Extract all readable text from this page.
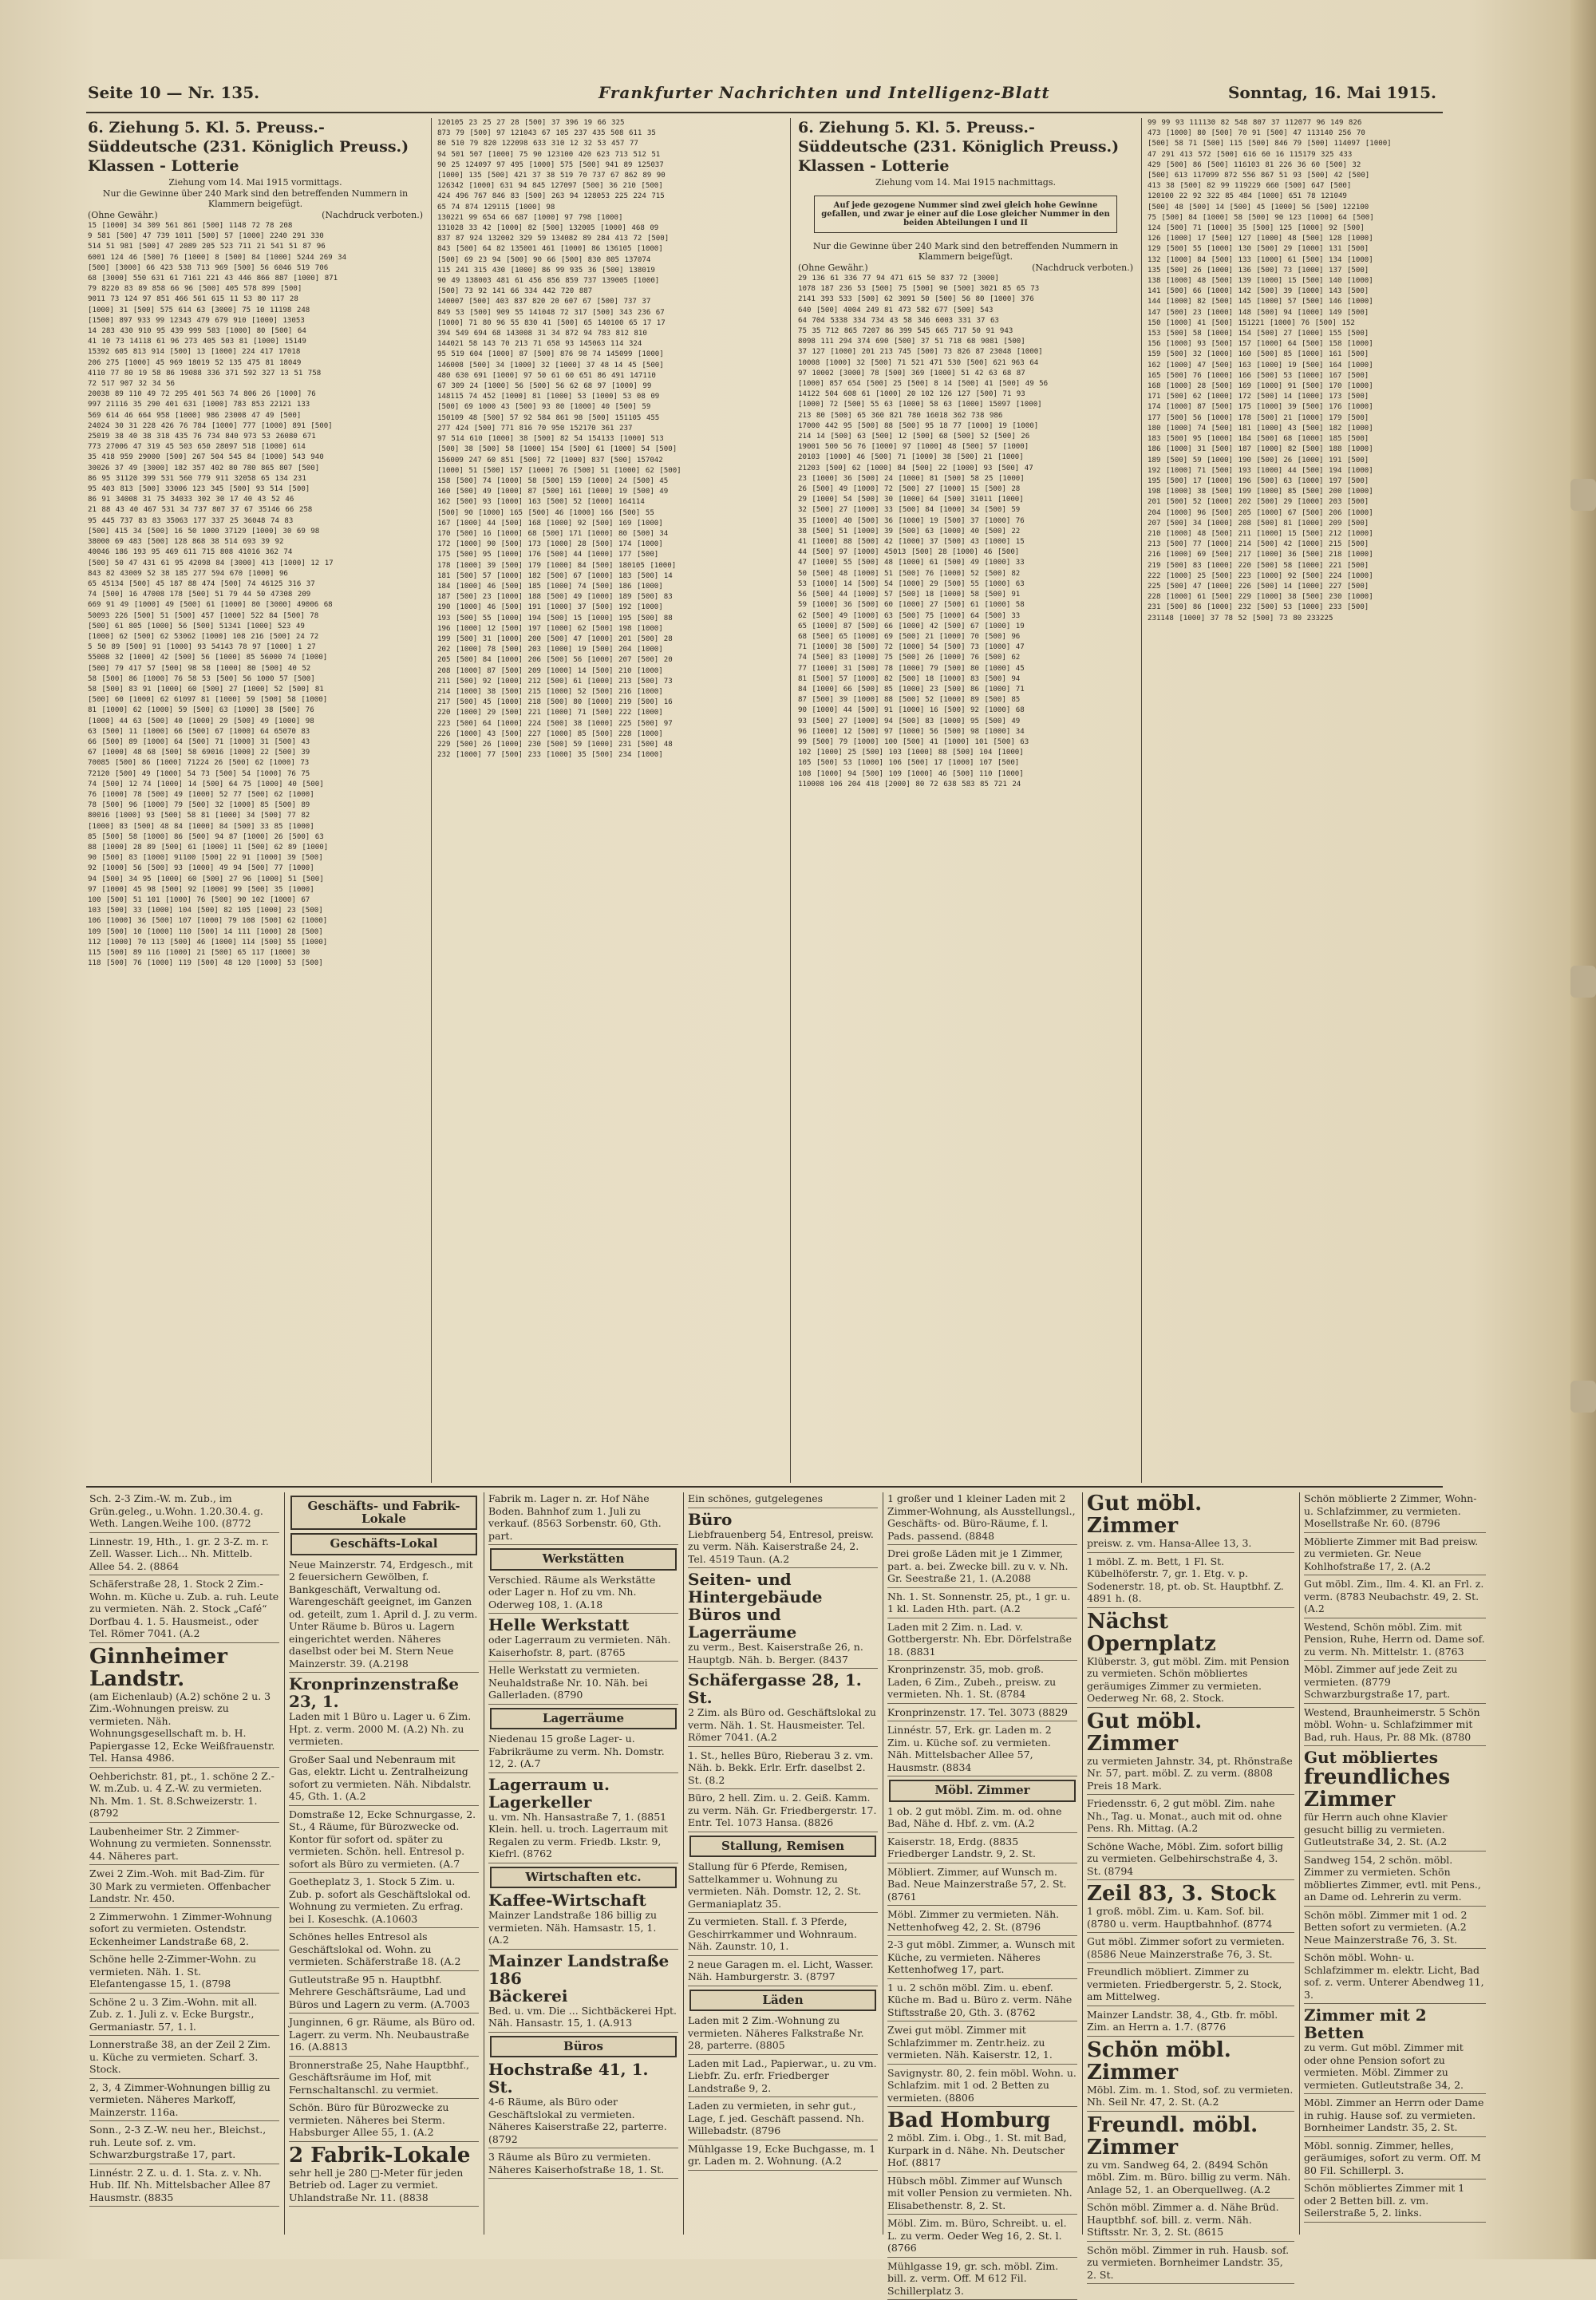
Seite 10 — Nr. 135.	Frankfurter Nachrichten und Intelligenz-Blatt	Sonntag, 16. Mai 1915.
6. Ziehung 5. Kl. 5. Preuss.-Süddeutsche (231. Königlich Preuss.) Klassen - Lotterie
Ziehung vom 14. Mai 1915 vormittags.
Nur die Gewinne über 240 Mark sind den betreffenden Nummern in Klammern beigefügt.
(Ohne Gewähr.)	(Nachdruck verboten.)

15 [1000] 34 309 561 861 [500] 1148 72 78 208

9 581 [500] 47 739 1011 [500] 57 [1000] 2240 291 330

514 51 981 [500] 47 2089 205 523 711 21 541 51 87 96

6001 124 46 [500] 76 [1000] 8 [500] 84 [1000] 5244 269 34

[500] [3000] 66 423 538 713 969 [500] 56 6046 519 706

68 [3000] 550 631 61 7161 221 43 446 866 887 [1000] 871

79 8220 83 89 858 66 96 [500] 405 578 899 [500]

9011 73 124 97 851 466 561 615 11 53 80 117 28

[1000] 31 [500] 575 614 63 [3000] 75 10 11198 248

[1500] 897 933 99 12343 479 679 910 [1000] 13053

14 283 430 910 95 439 999 583 [1000] 80 [500] 64

41 10 73 14118 61 96 273 405 503 81 [1000] 15149

15392 605 813 914 [500] 13 [1000] 224 417 17018

206 275 [1000] 45 969 18019 52 135 475 81 18049

4110 77 80 19 58 86 19088 336 371 592 327 13 51 758

72 517 907 32 34 56

20038 89 110 49 72 295 401 563 74 806 26 [1000] 76

997 21116 35 290 401 631 [1000] 783 853 22121 133

569 614 46 664 958 [1000] 986 23008 47 49 [500]

24024 30 31 228 426 76 784 [1000] 777 [1000] 891 [500]

25019 38 40 38 318 435 76 734 840 973 53 26080 671

773 27006 47 319 45 503 650 28097 518 [1000] 614

35 418 959 29000 [500] 267 504 545 84 [1000] 543 940

30026 37 49 [3000] 182 357 402 80 780 865 807 [500]

86 95 31120 399 531 560 779 911 32058 65 134 231

95 403 813 [500] 33006 123 345 [500] 93 514 [500]

86 91 34008 31 75 34033 302 30 17 40 43 52 46

21 88 43 40 467 531 34 737 807 37 67 35146 66 258

95 445 737 83 83 35063 177 337 25 36048 74 83

[500] 415 34 [500] 16 50 1000 37129 [1000] 30 69 98

38000 69 483 [500] 128 868 38 514 693 39 92

40046 186 193 95 469 611 715 808 41016 362 74

[500] 50 47 431 61 95 42098 84 [3000] 413 [1000] 12 17

843 82 43009 52 38 185 277 594 670 [1000] 96

65 45134 [500] 45 187 88 474 [500] 74 46125 316 37

74 [500] 16 47008 178 [500] 51 79 44 50 47308 209

669 91 49 [1000] 49 [500] 61 [1000] 80 [3000] 49006 68

50093 226 [500] 51 [500] 457 [1000] 522 84 [500] 78

[500] 61 805 [1000] 56 [500] 51341 [1000] 523 49

[1000] 62 [500] 62 53062 [1000] 108 216 [500] 24 72

5 50 89 [500] 91 [1000] 93 54143 78 97 [1000] 1 27

55008 32 [1000] 42 [500] 56 [1000] 85 56000 74 [1000]

[500] 79 417 57 [500] 98 58 [1000] 80 [500] 40 52

58 [500] 86 [1000] 76 58 53 [500] 56 1000 57 [500]

58 [500] 83 91 [1000] 60 [500] 27 [1000] 52 [500] 81

[500] 60 [1000] 62 61097 81 [1000] 59 [500] 58 [1000]

81 [1000] 62 [1000] 59 [500] 63 [1000] 38 [500] 76

[1000] 44 63 [500] 40 [1000] 29 [500] 49 [1000] 98

63 [500] 11 [1000] 66 [500] 67 [1000] 64 65070 83

66 [500] 89 [1000] 64 [500] 71 [1000] 31 [500] 43

67 [1000] 48 68 [500] 58 69016 [1000] 22 [500] 39

70085 [500] 86 [1000] 71224 26 [500] 62 [1000] 73

72120 [500] 49 [1000] 54 73 [500] 54 [1000] 76 75

74 [500] 12 74 [1000] 14 [500] 64 75 [1000] 40 [500]

76 [1000] 78 [500] 49 [1000] 52 77 [500] 62 [1000]

78 [500] 96 [1000] 79 [500] 32 [1000] 85 [500] 89

80016 [1000] 93 [500] 58 81 [1000] 34 [500] 77 82

[1000] 83 [500] 48 84 [1000] 84 [500] 33 85 [1000]

85 [500] 58 [1000] 86 [500] 94 87 [1000] 26 [500] 63

88 [1000] 28 89 [500] 61 [1000] 11 [500] 62 89 [1000]

90 [500] 83 [1000] 91100 [500] 22 91 [1000] 39 [500]

92 [1000] 56 [500] 93 [1000] 49 94 [500] 77 [1000]

94 [500] 34 95 [1000] 60 [500] 27 96 [1000] 51 [500]

97 [1000] 45 98 [500] 92 [1000] 99 [500] 35 [1000]

100 [500] 51 101 [1000] 76 [500] 90 102 [1000] 67

103 [500] 33 [1000] 104 [500] 82 105 [1000] 23 [500]

106 [1000] 36 [500] 107 [1000] 79 108 [500] 62 [1000]

109 [500] 10 [1000] 110 [500] 14 111 [1000] 28 [500]

112 [1000] 70 113 [500] 46 [1000] 114 [500] 55 [1000]

115 [500] 89 116 [1000] 21 [500] 65 117 [1000] 30

118 [500] 76 [1000] 119 [500] 48 120 [1000] 53 [500]

120105 23 25 27 28 [500] 37 396 19 66 325

873 79 [500] 97 121043 67 105 237 435 508 611 35

80 510 79 820 122098 633 310 12 32 53 457 77

94 501 507 [1000] 75 90 123100 420 623 713 512 51

90 25 124097 97 495 [1000] 575 [500] 941 89 125037

[1000] 135 [500] 421 37 38 519 70 737 67 862 89 90

126342 [1000] 631 94 845 127097 [500] 36 210 [500]

424 496 767 846 83 [500] 263 94 128053 225 224 715

65 74 874 129115 [1000] 98

130221 99 654 66 687 [1000] 97 798 [1000]

131028 33 42 [1000] 82 [500] 132005 [1000] 468 09

837 87 924 132002 329 59 134082 89 284 413 72 [500]

843 [500] 64 82 135001 461 [1000] 86 136105 [1000]

[500] 69 23 94 [500] 90 66 [500] 830 805 137074

115 241 315 430 [1000] 86 99 935 36 [500] 138019

90 49 138003 481 61 456 856 859 737 139005 [1000]

[500] 73 92 141 66 334 442 720 887

140007 [500] 403 837 820 20 607 67 [500] 737 37

849 53 [500] 909 55 141048 72 317 [500] 343 236 67

[1000] 71 80 96 55 830 41 [500] 65 140100 65 17 17

394 549 694 68 143008 31 34 872 94 783 812 810

144021 58 143 70 213 71 658 93 145063 114 324

95 519 604 [1000] 87 [500] 876 98 74 145099 [1000]

146008 [500] 34 [1000] 32 [1000] 37 48 14 45 [500]

480 630 691 [1000] 97 50 61 60 651 86 491 147110

67 309 24 [1000] 56 [500] 56 62 68 97 [1000] 99

148115 74 452 [1000] 81 [1000] 53 [1000] 53 08 09

[500] 69 1000 43 [500] 93 80 [1000] 40 [500] 59

150109 48 [500] 57 92 584 861 98 [500] 151105 455

277 424 [500] 771 816 70 950 152170 361 237

97 514 610 [1000] 38 [500] 82 54 154133 [1000] 513

[500] 38 [500] 58 [1000] 154 [500] 61 [1000] 54 [500]

156009 247 60 851 [500] 72 [1000] 837 [500] 157042

[1000] 51 [500] 157 [1000] 76 [500] 51 [1000] 62 [500]

158 [500] 74 [1000] 58 [500] 159 [1000] 24 [500] 45

160 [500] 49 [1000] 87 [500] 161 [1000] 19 [500] 49

162 [500] 93 [1000] 163 [500] 52 [1000] 164114

[500] 90 [1000] 165 [500] 46 [1000] 166 [500] 55

167 [1000] 44 [500] 168 [1000] 92 [500] 169 [1000]

170 [500] 16 [1000] 68 [500] 171 [1000] 80 [500] 34

172 [1000] 90 [500] 173 [1000] 28 [500] 174 [1000]

175 [500] 95 [1000] 176 [500] 44 [1000] 177 [500]

178 [1000] 39 [500] 179 [1000] 84 [500] 180105 [1000]

181 [500] 57 [1000] 182 [500] 67 [1000] 183 [500] 14

184 [1000] 46 [500] 185 [1000] 74 [500] 186 [1000]

187 [500] 23 [1000] 188 [500] 49 [1000] 189 [500] 83

190 [1000] 46 [500] 191 [1000] 37 [500] 192 [1000]

193 [500] 55 [1000] 194 [500] 15 [1000] 195 [500] 88

196 [1000] 12 [500] 197 [1000] 62 [500] 198 [1000]

199 [500] 31 [1000] 200 [500] 47 [1000] 201 [500] 28

202 [1000] 78 [500] 203 [1000] 19 [500] 204 [1000]

205 [500] 84 [1000] 206 [500] 56 [1000] 207 [500] 20

208 [1000] 87 [500] 209 [1000] 14 [500] 210 [1000]

211 [500] 92 [1000] 212 [500] 61 [1000] 213 [500] 73

214 [1000] 38 [500] 215 [1000] 52 [500] 216 [1000]

217 [500] 45 [1000] 218 [500] 80 [1000] 219 [500] 16

220 [1000] 29 [500] 221 [1000] 71 [500] 222 [1000]

223 [500] 64 [1000] 224 [500] 38 [1000] 225 [500] 97

226 [1000] 43 [500] 227 [1000] 85 [500] 228 [1000]

229 [500] 26 [1000] 230 [500] 59 [1000] 231 [500] 48

232 [1000] 77 [500] 233 [1000] 35 [500] 234 [1000]

6. Ziehung 5. Kl. 5. Preuss.-Süddeutsche (231. Königlich Preuss.) Klassen - Lotterie
Ziehung vom 14. Mai 1915 nachmittags.
Auf jede gezogene Nummer sind zwei gleich hohe Gewinne gefallen, und zwar je einer auf die Lose gleicher Nummer in den beiden Abteilungen I und II
Nur die Gewinne über 240 Mark sind den betreffenden Nummern in Klammern beigefügt.
(Ohne Gewähr.)	(Nachdruck verboten.)

29 136 61 336 77 94 471 615 50 837 72 [3000]

1078 187 236 53 [500] 75 [500] 90 [500] 3021 85 65 73

2141 393 533 [500] 62 3091 50 [500] 56 80 [1000] 376

640 [500] 4004 249 81 473 582 677 [500] 543

64 704 5338 334 734 43 58 346 6003 331 37 63

75 35 712 865 7207 86 399 545 665 717 50 91 943

8098 111 294 374 690 [500] 37 51 718 68 9081 [500]

37 127 [1000] 201 213 745 [500] 73 826 87 23048 [1000]

10008 [1000] 32 [500] 71 521 471 530 [500] 621 963 64

97 10002 [3000] 78 [500] 369 [1000] 51 42 63 68 87

[1000] 857 654 [500] 25 [500] 8 14 [500] 41 [500] 49 56

14122 504 608 61 [1000] 20 102 126 127 [500] 71 93

[1000] 72 [500] 55 63 [1000] 58 63 [1000] 15097 [1000]

213 80 [500] 65 360 821 780 16018 362 738 986

17000 442 95 [500] 88 [500] 95 18 77 [1000] 19 [1000]

214 14 [500] 63 [500] 12 [500] 68 [500] 52 [500] 26

19001 500 56 76 [1000] 97 [1000] 48 [500] 57 [1000]

20103 [1000] 46 [500] 71 [1000] 38 [500] 21 [1000]

21203 [500] 62 [1000] 84 [500] 22 [1000] 93 [500] 47

23 [1000] 36 [500] 24 [1000] 81 [500] 58 25 [1000]

26 [500] 49 [1000] 72 [500] 27 [1000] 15 [500] 28

29 [1000] 54 [500] 30 [1000] 64 [500] 31011 [1000]

32 [500] 27 [1000] 33 [500] 84 [1000] 34 [500] 59

35 [1000] 40 [500] 36 [1000] 19 [500] 37 [1000] 76

38 [500] 51 [1000] 39 [500] 63 [1000] 40 [500] 22

41 [1000] 88 [500] 42 [1000] 37 [500] 43 [1000] 15

44 [500] 97 [1000] 45013 [500] 28 [1000] 46 [500]

47 [1000] 55 [500] 48 [1000] 61 [500] 49 [1000] 33

50 [500] 48 [1000] 51 [500] 76 [1000] 52 [500] 82

53 [1000] 14 [500] 54 [1000] 29 [500] 55 [1000] 63

56 [500] 44 [1000] 57 [500] 18 [1000] 58 [500] 91

59 [1000] 36 [500] 60 [1000] 27 [500] 61 [1000] 58

62 [500] 49 [1000] 63 [500] 75 [1000] 64 [500] 33

65 [1000] 87 [500] 66 [1000] 42 [500] 67 [1000] 19

68 [500] 65 [1000] 69 [500] 21 [1000] 70 [500] 96

71 [1000] 38 [500] 72 [1000] 54 [500] 73 [1000] 47

74 [500] 83 [1000] 75 [500] 26 [1000] 76 [500] 62

77 [1000] 31 [500] 78 [1000] 79 [500] 80 [1000] 45

81 [500] 57 [1000] 82 [500] 18 [1000] 83 [500] 94

84 [1000] 66 [500] 85 [1000] 23 [500] 86 [1000] 71

87 [500] 39 [1000] 88 [500] 52 [1000] 89 [500] 85

90 [1000] 44 [500] 91 [1000] 16 [500] 92 [1000] 68

93 [500] 27 [1000] 94 [500] 83 [1000] 95 [500] 49

96 [1000] 12 [500] 97 [1000] 56 [500] 98 [1000] 34

99 [500] 79 [1000] 100 [500] 41 [1000] 101 [500] 63

102 [1000] 25 [500] 103 [1000] 88 [500] 104 [1000]

105 [500] 53 [1000] 106 [500] 17 [1000] 107 [500]

108 [1000] 94 [500] 109 [1000] 46 [500] 110 [1000]

110008 106 204 418 [2000] 80 72 638 583 85 721 24

99 99 93 111130 82 548 807 37 112077 96 149 826

473 [1000] 80 [500] 70 91 [500] 47 113140 256 70

[500] 58 71 [500] 115 [500] 846 79 [500] 114097 [1000]

47 291 413 572 [500] 616 60 16 115179 325 433

429 [500] 86 [500] 116103 81 226 36 60 [500] 32

[500] 613 117099 872 556 867 51 93 [500] 42 [500]

413 38 [500] 82 99 119229 660 [500] 647 [500]

120100 22 92 322 85 484 [1000] 651 78 121049

[500] 48 [500] 14 [500] 45 [1000] 56 [500] 122100

75 [500] 84 [1000] 58 [500] 90 123 [1000] 64 [500]

124 [500] 71 [1000] 35 [500] 125 [1000] 92 [500]

126 [1000] 17 [500] 127 [1000] 48 [500] 128 [1000]

129 [500] 55 [1000] 130 [500] 29 [1000] 131 [500]

132 [1000] 84 [500] 133 [1000] 61 [500] 134 [1000]

135 [500] 26 [1000] 136 [500] 73 [1000] 137 [500]

138 [1000] 48 [500] 139 [1000] 15 [500] 140 [1000]

141 [500] 66 [1000] 142 [500] 39 [1000] 143 [500]

144 [1000] 82 [500] 145 [1000] 57 [500] 146 [1000]

147 [500] 23 [1000] 148 [500] 94 [1000] 149 [500]

150 [1000] 41 [500] 151221 [1000] 76 [500] 152

153 [500] 58 [1000] 154 [500] 27 [1000] 155 [500]

156 [1000] 93 [500] 157 [1000] 64 [500] 158 [1000]

159 [500] 32 [1000] 160 [500] 85 [1000] 161 [500]

162 [1000] 47 [500] 163 [1000] 19 [500] 164 [1000]

165 [500] 76 [1000] 166 [500] 53 [1000] 167 [500]

168 [1000] 28 [500] 169 [1000] 91 [500] 170 [1000]

171 [500] 62 [1000] 172 [500] 14 [1000] 173 [500]

174 [1000] 87 [500] 175 [1000] 39 [500] 176 [1000]

177 [500] 56 [1000] 178 [500] 21 [1000] 179 [500]

180 [1000] 74 [500] 181 [1000] 43 [500] 182 [1000]

183 [500] 95 [1000] 184 [500] 68 [1000] 185 [500]

186 [1000] 31 [500] 187 [1000] 82 [500] 188 [1000]

189 [500] 59 [1000] 190 [500] 26 [1000] 191 [500]

192 [1000] 71 [500] 193 [1000] 44 [500] 194 [1000]

195 [500] 17 [1000] 196 [500] 63 [1000] 197 [500]

198 [1000] 38 [500] 199 [1000] 85 [500] 200 [1000]

201 [500] 52 [1000] 202 [500] 29 [1000] 203 [500]

204 [1000] 96 [500] 205 [1000] 67 [500] 206 [1000]

207 [500] 34 [1000] 208 [500] 81 [1000] 209 [500]

210 [1000] 48 [500] 211 [1000] 15 [500] 212 [1000]

213 [500] 77 [1000] 214 [500] 42 [1000] 215 [500]

216 [1000] 69 [500] 217 [1000] 36 [500] 218 [1000]

219 [500] 83 [1000] 220 [500] 58 [1000] 221 [500]

222 [1000] 25 [500] 223 [1000] 92 [500] 224 [1000]

225 [500] 47 [1000] 226 [500] 14 [1000] 227 [500]

228 [1000] 61 [500] 229 [1000] 38 [500] 230 [1000]

231 [500] 86 [1000] 232 [500] 53 [1000] 233 [500]

231148 [1000] 37 78 52 [500] 73 80 233225

Sch. 2-3 Zim.-W. m. Zub., im Grün.geleg., u.Wohn. 1.20.30.4. g. Weth. Langen.Weihe 100. (8772
Linnestr. 19, Hth., 1. gr. 2 3-Z. m. r. Zell. Wasser. Lich... Nh. Mittelb. Allee 54. 2. (8864
Schäferstraße 28, 1. Stock 2 Zim.-Wohn. m. Küche u. Zub. a. ruh. Leute zu vermieten. Näh. 2. Stock „Café“ Dorfbau 4. 1. 5. Hausmeist., oder Tel. Römer 7041. (A.2
Ginnheimer Landstr.
(am Eichenlaub) (A.2) schöne 2 u. 3 Zim.-Wohnungen preisw. zu vermieten. Näh. Wohnungsgesellschaft m. b. H. Papiergasse 12, Ecke Weißfrauenstr. Tel. Hansa 4986.
Oehberichstr. 81, pt., 1. schöne 2 Z.-W. m.Zub. u. 4 Z.-W. zu vermieten. Nh. Mm. 1. St. 8.Schweizerstr. 1. (8792
Laubenheimer Str. 2 Zimmer-Wohnung zu vermieten. Sonnensstr. 44. Näheres part.
Zwei 2 Zim.-Woh. mit Bad-Zim. für 30 Mark zu vermieten. Offenbacher Landstr. Nr. 450.
2 Zimmerwohn. 1 Zimmer-Wohnung sofort zu vermieten. Ostendstr. Eckenheimer Landstraße 68, 2.
Schöne helle 2-Zimmer-Wohn. zu vermieten. Näh. 1. St. Elefantengasse 15, 1. (8798
Schöne 2 u. 3 Zim.-Wohn. mit all. Zub. z. 1. Juli z. v. Ecke Burgstr., Germaniastr. 57, 1. l.
Lonnerstraße 38, an der Zeil 2 Zim. u. Küche zu vermieten. Scharf. 3. Stock.
2, 3, 4 Zimmer-Wohnungen billig zu vermieten. Näheres Markoff, Mainzerstr. 116a.
Sonn., 2-3 Z.-W. neu her., Bleichst., ruh. Leute sof. z. vm. Schwarzburgstraße 17, part.
Linnéstr. 2 Z. u. d. 1. Sta. z. v. Nh. Hub. Ilf. Nh. Mittelsbacher Allee 87 Hausmstr. (8835
Geschäfts- und Fabrik-Lokale
Geschäfts-Lokal
Neue Mainzerstr. 74, Erdgesch., mit 2 feuersichern Gewölben, f. Bankgeschäft, Verwaltung od. Warengeschäft geeignet, im Ganzen od. geteilt, zum 1. April d. J. zu verm. Unter Räume b. Büros u. Lagern eingerichtet werden. Näheres daselbst oder bei M. Stern Neue Mainzerstr. 39. (A.2198
Kronprinzenstraße 23, 1.
Laden mit 1 Büro u. Lager u. 6 Zim. Hpt. z. verm. 2000 M. (A.2) Nh. zu vermieten.
Großer Saal und Nebenraum mit Gas, elektr. Licht u. Zentralheizung sofort zu vermieten. Näh. Nibdalstr. 45, Gth. 1. (A.2
Domstraße 12, Ecke Schnurgasse, 2. St., 4 Räume, für Bürozwecke od. Kontor für sofort od. später zu vermieten. Schön. hell. Entresol p. sofort als Büro zu vermieten. (A.7
Goetheplatz 3, 1. Stock 5 Zim. u. Zub. p. sofort als Geschäftslokal od. Wohnung zu vermieten. Zu erfrag. bei I. Koseschk. (A.10603
Schönes helles Entresol als Geschäftslokal od. Wohn. zu vermieten. Schäferstraße 18. (A.2
Gutleutstraße 95 n. Hauptbhf. Mehrere Geschäftsräume, Lad und Büros und Lagern zu verm. (A.7003
Junginnen, 6 gr. Räume, als Büro od. Lagerr. zu verm. Nh. Neubaustraße 16. (A.8813
Bronnerstraße 25, Nahe Hauptbhf., Geschäftsräume im Hof, mit Fernschaltanschl. zu vermiet.
Schön. Büro für Bürozwecke zu vermieten. Näheres bei Sterm. Habsburger Allee 55, 1. (A.2
2 Fabrik-Lokale
sehr hell je 280 □-Meter für jeden Betrieb od. Lager zu vermiet. Uhlandstraße Nr. 11. (8838
Fabrik m. Lager n. zr. Hof Nähe Boden. Bahnhof zum 1. Juli zu verkauf. (8563 Sorbenstr. 60, Gth. part.
Werkstätten
Verschied. Räume als Werkstätte oder Lager n. Hof zu vm. Nh. Oderweg 108, 1. (A.18
Helle Werkstatt
oder Lagerraum zu vermieten. Näh. Kaiserhofstr. 8, part. (8765
Helle Werkstatt zu vermieten. Neuhaldstraße Nr. 10. Näh. bei Gallerladen. (8790
Lagerräume
Niedenau 15 große Lager- u. Fabrikräume zu verm. Nh. Domstr. 12, 2. (A.7
Lagerraum u. Lagerkeller
u. vm. Nh. Hansastraße 7, 1. (8851 Klein. hell. u. troch. Lagerraum mit Regalen zu verm. Friedb. Lkstr. 9, Kiefrl. (8762
Wirtschaften etc.
Kaffee-Wirtschaft
Mainzer Landstraße 186 billig zu vermieten. Näh. Hamsastr. 15, 1. (A.2
Mainzer Landstraße 186
Bäckerei
Bed. u. vm. Die ... Sichtbäckerei Hpt. Näh. Hansastr. 15, 1. (A.913
Büros
Hochstraße 41, 1. St.
4-6 Räume, als Büro oder Geschäftslokal zu vermieten. Näheres Kaiserstraße 22, parterre. (8792
3 Räume als Büro zu vermieten. Näheres Kaiserhofstraße 18, 1. St.
Ein schönes, gutgelegenes
Büro
Liebfrauenberg 54, Entresol, preisw. zu verm. Näh. Kaiserstraße 24, 2. Tel. 4519 Taun. (A.2
Seiten- und Hintergebäude Büros und Lagerräume
zu verm., Best. Kaiserstraße 26, n. Hauptgb. Näh. b. Berger. (8437
Schäfergasse 28, 1. St.
2 Zim. als Büro od. Geschäftslokal zu verm. Näh. 1. St. Hausmeister. Tel. Römer 7041. (A.2
1. St., helles Büro, Rieberau 3 z. vm. Näh. b. Bekk. Erlr. Erfr. daselbst 2. St. (8.2
Büro, 2 hell. Zim. u. 2. Geiß. Kamm. zu verm. Näh. Gr. Friedbergerstr. 17. Entr. Tel. 1073 Hansa. (8826
Stallung, Remisen
Stallung für 6 Pferde, Remisen, Sattelkammer u. Wohnung zu vermieten. Näh. Domstr. 12, 2. St. Germaniaplatz 35.
Zu vermieten. Stall. f. 3 Pferde, Geschirrkammer und Wohnraum. Näh. Zaunstr. 10, 1.
2 neue Garagen m. el. Licht, Wasser. Näh. Hamburgerstr. 3. (8797
Läden
Laden mit 2 Zim.-Wohnung zu vermieten. Näheres Falkstraße Nr. 28, parterre. (8805
Laden mit Lad., Papierwar., u. zu vm. Liebfr. Zu. erfr. Friedberger Landstraße 9, 2.
Laden zu vermieten, in sehr gut., Lage, f. jed. Geschäft passend. Nh. Willebadstr. (8796
Mühlgasse 19, Ecke Buchgasse, m. 1 gr. Laden m. 2. Wohnung. (A.2
1 großer und 1 kleiner Laden mit 2 Zimmer-Wohnung, als Ausstellungsl., Geschäfts- od. Büro-Räume, f. l. Pads. passend. (8848
Drei große Läden mit je 1 Zimmer, part. a. bei. Zwecke bill. zu v. v. Nh. Gr. Seestraße 21, 1. (A.2088
Nh. 1. St. Sonnenstr. 25, pt., 1 gr. u. 1 kl. Laden Hth. part. (A.2
Laden mit 2 Zim. n. Lad. v. Gottbergerstr. Nh. Ebr. Dörfelstraße 18. (8831
Kronprinzenstr. 35, mob. groß. Laden, 6 Zim., Zubeh., preisw. zu vermieten. Nh. 1. St. (8784
Kronprinzenstr. 17. Tel. 3073 (8829
Linnéstr. 57, Erk. gr. Laden m. 2 Zim. u. Küche sof. zu vermieten. Näh. Mittelsbacher Allee 57, Hausmstr. (8834
Möbl. Zimmer
1 ob. 2 gut möbl. Zim. m. od. ohne Bad, Nähe d. Hbf. z. vm. (A.2
Kaiserstr. 18, Erdg. (8835 Friedberger Landstr. 9, 2. St.
Möbliert. Zimmer, auf Wunsch m. Bad. Neue Mainzerstraße 57, 2. St. (8761
Möbl. Zimmer zu vermieten. Näh. Nettenhofweg 42, 2. St. (8796
2-3 gut möbl. Zimmer, a. Wunsch mit Küche, zu vermieten. Näheres Kettenhofweg 17, part.
1 u. 2 schön möbl. Zim. u. ebenf. Küche m. Bad u. Büro z. verm. Nähe Stiftsstraße 20, Gth. 3. (8762
Zwei gut möbl. Zimmer mit Schlafzimmer m. Zentr.heiz. zu vermieten. Näh. Kaiserstr. 12, 1.
Savignystr. 80, 2. fein möbl. Wohn. u. Schlafzim. mit 1 od. 2 Betten zu vermieten. (8806
Bad Homburg
2 möbl. Zim. i. Obg., 1. St. mit Bad, Kurpark in d. Nähe. Nh. Deutscher Hof. (8817
Hübsch möbl. Zimmer auf Wunsch mit voller Pension zu vermieten. Nh. Elisabethenstr. 8, 2. St.
Möbl. Zim. m. Büro, Schreibt. u. el. L. zu verm. Oeder Weg 16, 2. St. l. (8766
Mühlgasse 19, gr. sch. möbl. Zim. bill. z. verm. Off. M 612 Fil. Schillerplatz 3.
Gut möbl. Zimmer
preisw. z. vm. Hansa-Allee 13, 3.
1 möbl. Z. m. Bett, 1 Fl. St. Kübelhöferstr. 7, gr. 1. Etg. v. p. Sodenerstr. 18, pt. ob. St. Hauptbhf. Z. 4891 h. (8.
Nächst Opernplatz
Klüberstr. 3, gut möbl. Zim. mit Pension zu vermieten. Schön möbliertes geräumiges Zimmer zu vermieten. Oederweg Nr. 68, 2. Stock.
Gut möbl. Zimmer
zu vermieten Jahnstr. 34, pt. Rhönstraße Nr. 57, part. möbl. Z. zu verm. (8808 Preis 18 Mark.
Friedensstr. 6, 2 gut möbl. Zim. nahe Nh., Tag. u. Monat., auch mit od. ohne Pens. Rh. Mittag. (A.2
Schöne Wache, Möbl. Zim. sofort billig zu vermieten. Gelbehirschstraße 4, 3. St. (8794
Zeil 83, 3. Stock
1 groß. möbl. Zim. u. Kam. Sof. bil. (8780 u. verm. Hauptbahnhof. (8774
Gut möbl. Zimmer sofort zu vermieten. (8586 Neue Mainzerstraße 76, 3. St.
Freundlich möbliert. Zimmer zu vermieten. Friedbergerstr. 5, 2. Stock, am Mittelweg.
Mainzer Landstr. 38, 4., Gtb. fr. möbl. Zim. an Herrn a. 1.7. (8776
Schön möbl. Zimmer
Möbl. Zim. m. 1. Stod, sof. zu vermieten. Nh. Seil Nr. 47, 2. St. (A.2
Freundl. möbl. Zimmer
zu vm. Sandweg 64, 2. (8494 Schön möbl. Zim. m. Büro. billig zu verm. Näh. Anlage 52, 1. an Oberquellweg. (A.2
Schön möbl. Zimmer a. d. Nähe Brüd. Hauptbhf. sof. bill. z. verm. Näh. Stiftsstr. Nr. 3, 2. St. (8615
Schön möbl. Zimmer in ruh. Hausb. sof. zu vermieten. Bornheimer Landstr. 35, 2. St.
Schön möblierte 2 Zimmer, Wohn- u. Schlafzimmer, zu vermieten. Mosellstraße Nr. 60. (8796
Möblierte Zimmer mit Bad preisw. zu vermieten. Gr. Neue Kohlhofstraße 17, 2. (A.2
Gut möbl. Zim., Ilm. 4. Kl. an Frl. z. verm. (8783 Neubachstr. 49, 2. St. (A.2
Westend, Schön möbl. Zim. mit Pension, Ruhe, Herrn od. Dame sof. zu verm. Nh. Mittelstr. 1. (8763
Möbl. Zimmer auf jede Zeit zu vermieten. (8779 Schwarzburgstraße 17, part.
Westend, Braunheimerstr. 5 Schön möbl. Wohn- u. Schlafzimmer mit Bad, ruh. Haus, Pr. 88 Mk. (8780
Gut möbliertes
freundliches Zimmer
für Herrn auch ohne Klavier gesucht billig zu vermieten. Gutleutstraße 34, 2. St. (A.2
Sandweg 154, 2 schön. möbl. Zimmer zu vermieten. Schön möbliertes Zimmer, evtl. mit Pens., an Dame od. Lehrerin zu verm.
Schön möbl. Zimmer mit 1 od. 2 Betten sofort zu vermieten. (A.2 Neue Mainzerstraße 76, 3. St.
Schön möbl. Wohn- u. Schlafzimmer m. elektr. Licht, Bad sof. z. verm. Unterer Abendweg 11, 3.
Zimmer mit 2 Betten
zu verm. Gut möbl. Zimmer mit oder ohne Pension sofort zu vermieten. Möbl. Zimmer zu vermieten. Gutleutstraße 34, 2.
Möbl. Zimmer an Herrn oder Dame in ruhig. Hause sof. zu vermieten. Bornheimer Landstr. 35, 2. St.
Möbl. sonnig. Zimmer, helles, geräumiges, sofort zu verm. Off. M 80 Fil. Schillerpl. 3.
Schön möbliertes Zimmer mit 1 oder 2 Betten bill. z. vm. Seilerstraße 5, 2. links.
